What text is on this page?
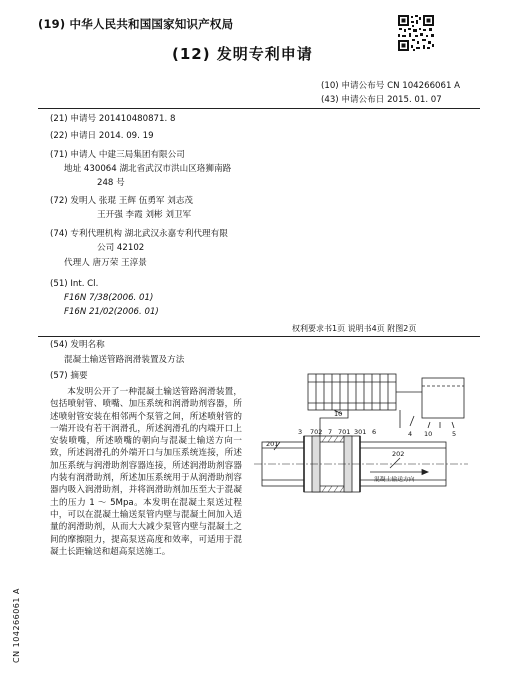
(19) 中华人民共和国国家知识产权局
(12) 发明专利申请
(10) 申请公布号 CN 104266061 A
(43) 申请公布日 2015. 01. 07
(21) 申请号 201410480871. 8
(22) 申请日 2014. 09. 19
(71) 申请人 中建三局集团有限公司
地址 430064 湖北省武汉市洪山区珞狮南路
248 号
(72) 发明人 张琨 王辉 伍勇军 刘志茂
王开强 李霞 刘彬 刘卫军
(74) 专利代理机构 湖北武汉永嘉专利代理有限
公司 42102
代理人 唐万荣 王淳景
(51) Int. Cl.
F16N 7/38(2006. 01)
F16N 21/02(2006. 01)
权利要求书1页 说明书4页 附图2页
(54) 发明名称
混凝土输送管路润滑装置及方法
(57) 摘要
本发明公开了一种混凝土输送管路润滑装置，包括喷射管、喷嘴、加压系统和润滑助剂容器，所述喷射管安装在相邻两个泵管之间，所述喷射管的一端开设有若干润滑孔，所述润滑孔的内端开口上安装喷嘴，所述喷嘴的朝向与混凝土输送方向一致，所述润滑孔的外端开口与加压系统连接，所述加压系统与润滑助剂容器连接，所述润滑助剂容器内装有润滑助剂，所述加压系统用于从润滑助剂容器内吸入润滑助剂，并将润滑助剂加压至大于混凝土的压力 1 ～ 5Mpa。本发明在混凝土泵送过程中，可以在混凝土输送泵管内壁与混凝土间加入适量的润滑助剂，从而大大减少泵管内壁与混凝土之间的摩擦阻力，提高泵送高度和效率，可适用于混凝土长距输送和超高泵送施工。
CN 104266061 A
201
3 702 7 701 301 6
10
4 10	5
202
混凝土输送方向
